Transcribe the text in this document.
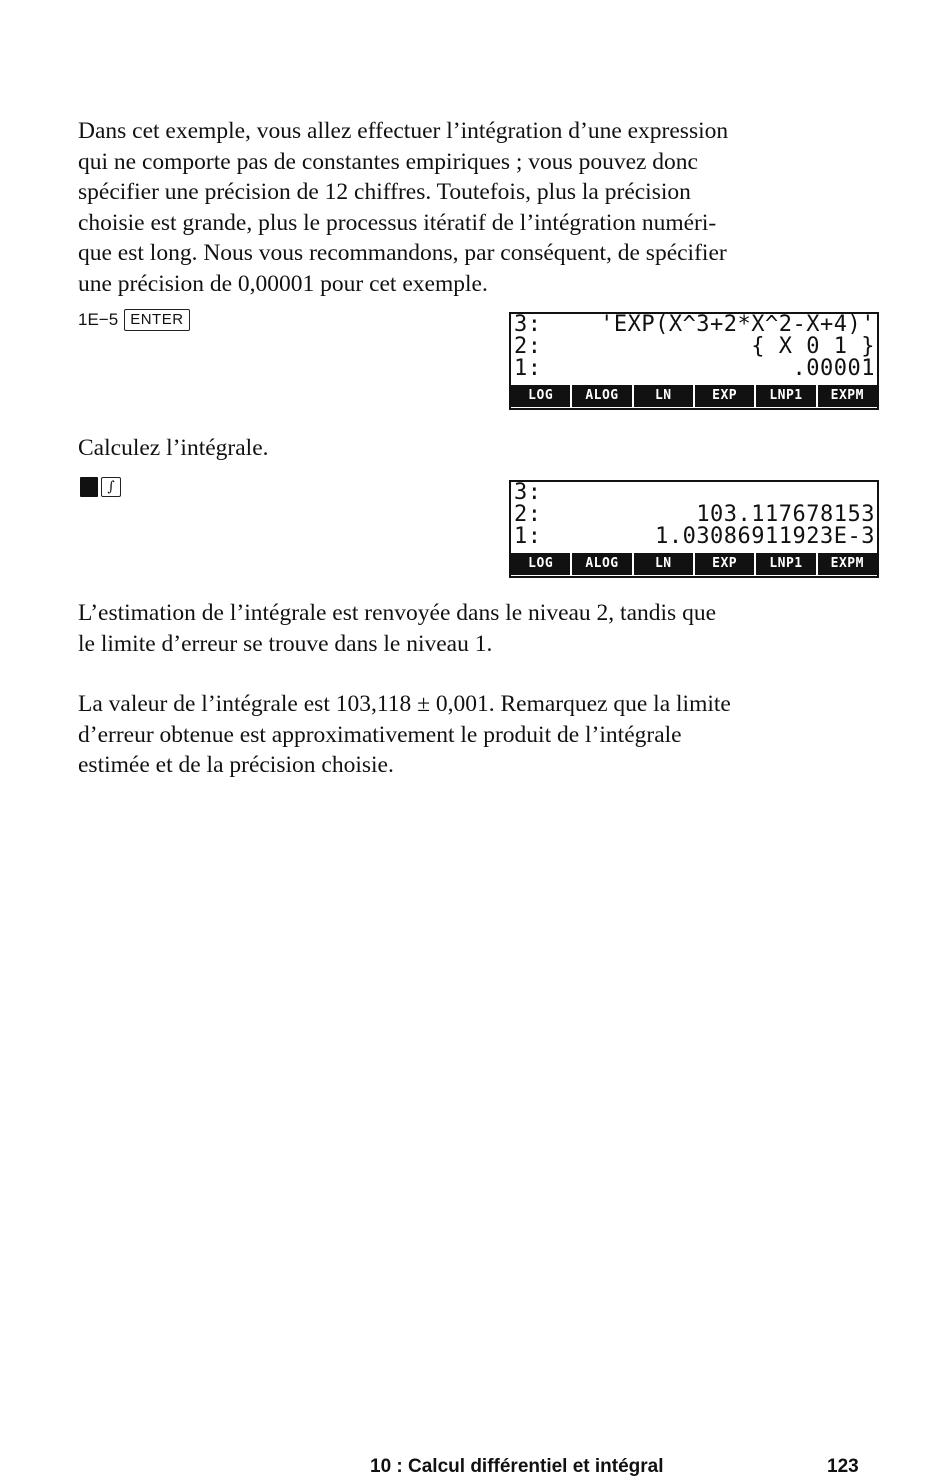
Dans cet exemple, vous allez effectuer l’intégration d’une expression
qui ne comporte pas de constantes empiriques ; vous pouvez donc
spécifier une précision de 12 chiffres. Toutefois, plus la précision
choisie est grande, plus le processus itératif de l’intégration numéri-
que est long. Nous vous recommandons, par conséquent, de spécifier
une précision de 0,00001 pour cet exemple.
1E−5 ENTER	3:	'EXP(X^3+2*X^2-X+4)'
2:	{ X 0 1 }
1:	.00001
LOG	ALOG	LN	EXP	LNP1	EXPM
Calculez l’intégrale.
∫	3:
2:	103.117678153
1:	1.03086911923E-3
LOG	ALOG	LN	EXP	LNP1	EXPM
L’estimation de l’intégrale est renvoyée dans le niveau 2, tandis que
le limite d’erreur se trouve dans le niveau 1.
La valeur de l’intégrale est 103,118 ± 0,001. Remarquez que la limite
d’erreur obtenue est approximativement le produit de l’intégrale
estimée et de la précision choisie.
10 : Calcul différentiel et intégral	123
